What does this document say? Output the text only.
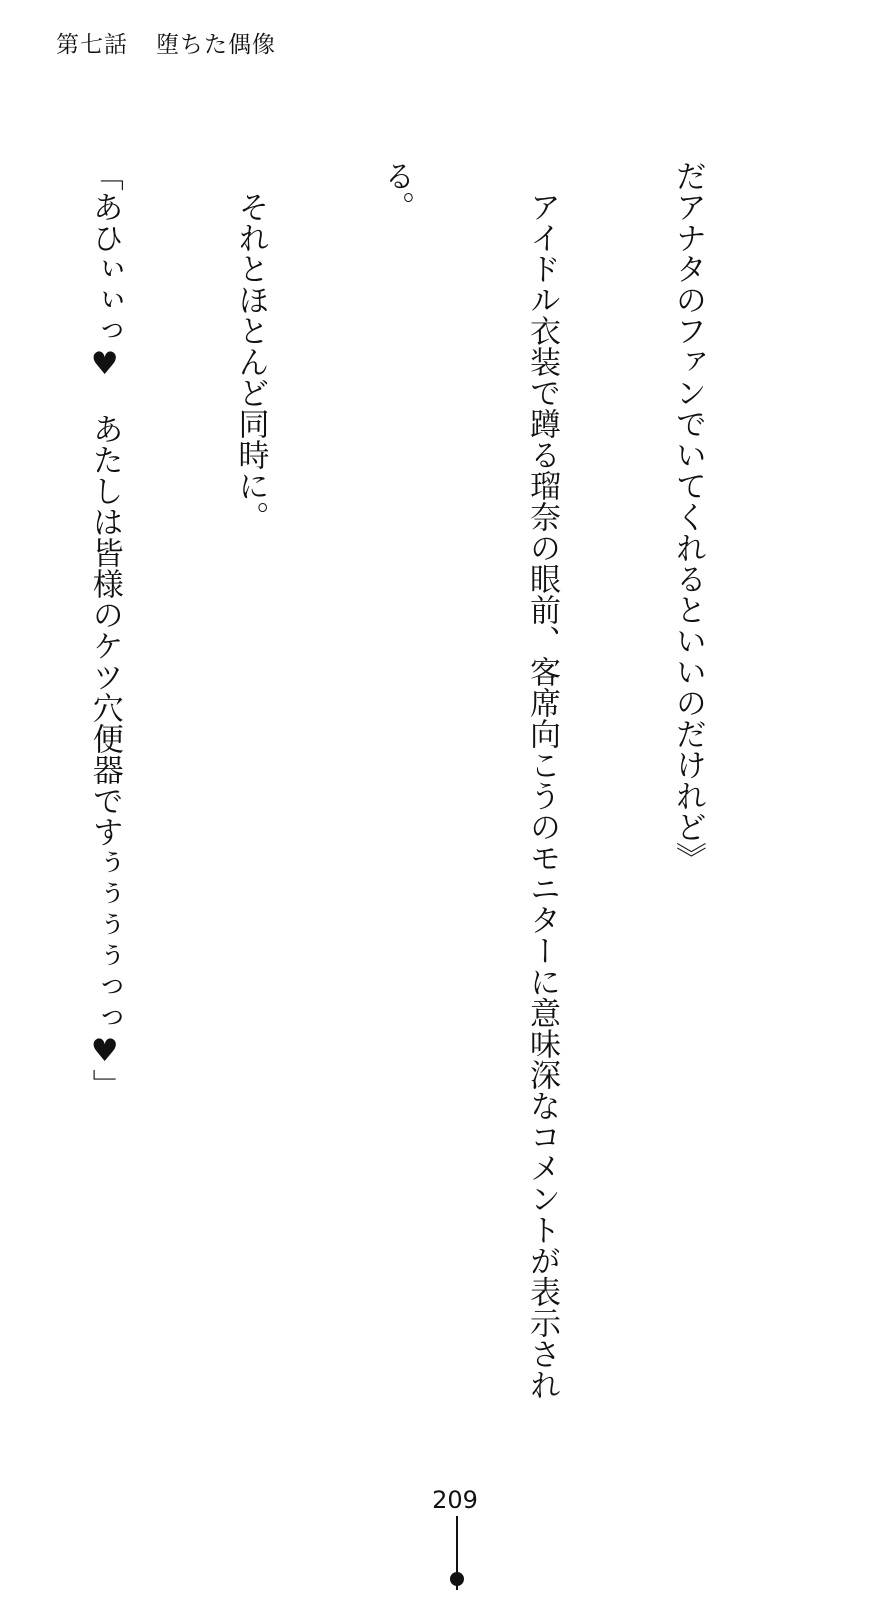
第七話 堕ちた偶像

だアナタのファンでいてくれるといいのだけれど》

　アイドル衣装で蹲る瑠奈の眼前、客席向こうのモニターに意味深なコメントが表示され

る。

　それとほとんど同時に。

「あひぃぃっ♥　あたしは皆様のケツ穴便器ですぅぅぅぅっっ♥」

209
